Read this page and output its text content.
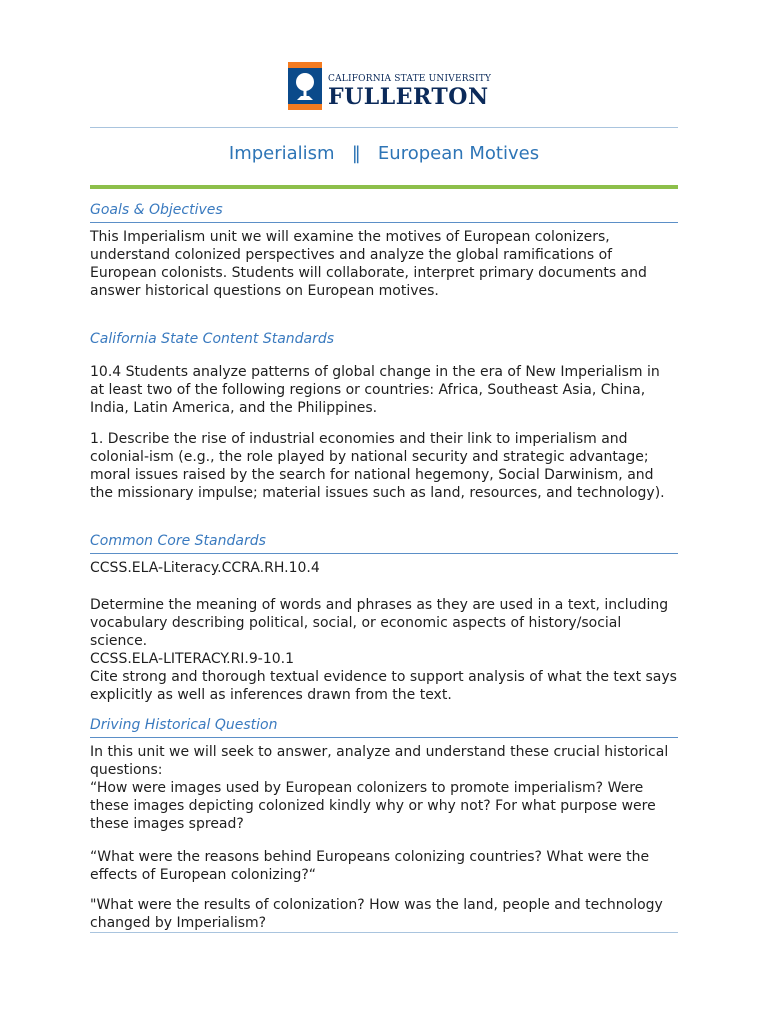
CALIFORNIA STATE UNIVERSITY
FULLERTON
Imperialism   ‖   European Motives
Goals & Objectives
This Imperialism unit we will examine the motives of European colonizers, understand colonized perspectives and analyze the global ramifications of European colonists. Students will collaborate, interpret primary documents and answer historical questions on European motives.
California State Content Standards
10.4 Students analyze patterns of global change in the era of New Imperialism in at least two of the following regions or countries: Africa, Southeast Asia, China, India, Latin America, and the Philippines.
1. Describe the rise of industrial economies and their link to imperialism and colonial-ism (e.g., the role played by national security and strategic advantage; moral issues raised by the search for national hegemony, Social Darwinism, and the missionary impulse; material issues such as land, resources, and technology).
Common Core Standards
CCSS.ELA-Literacy.CCRA.RH.10.4
Determine the meaning of words and phrases as they are used in a text, including vocabulary describing political, social, or economic aspects of history/social science.
CCSS.ELA-LITERACY.RI.9-10.1
Cite strong and thorough textual evidence to support analysis of what the text says explicitly as well as inferences drawn from the text.
Driving Historical Question
In this unit we will seek to answer, analyze and understand these crucial historical questions:
“How were images used by European colonizers to promote imperialism? Were these images depicting colonized kindly why or why not? For what purpose were these images spread?
“What were the reasons behind Europeans colonizing countries? What were the effects of European colonizing?“
"What were the results of colonization? How was the land, people and technology changed by Imperialism?
